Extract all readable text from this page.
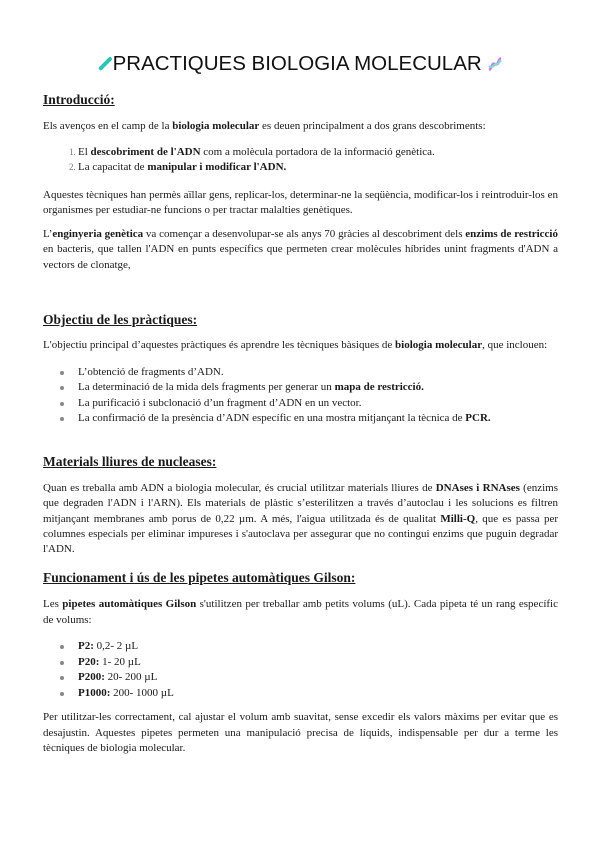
PRACTIQUES BIOLOGIA MOLECULAR
Introducció:

Els avenços en el camp de la biologia molecular es deuen principalment a dos grans descobriments:

1. El descobriment de l'ADN com a molècula portadora de la informació genètica.
2. La capacitat de manipular i modificar l'ADN.

Aquestes tècniques han permès aïllar gens, replicar-los, determinar-ne la seqüència, modificar-los i reintroduir-los en organismes per estudiar-ne funcions o per tractar malalties genètiques.

L’enginyeria genètica va començar a desenvolupar-se als anys 70 gràcies al descobriment dels enzims de restricció en bacteris, que tallen l'ADN en punts específics que permeten crear molècules híbrides unint fragments d'ADN a vectors de clonatge,

Objectiu de les pràctiques:

L'objectiu principal d’aquestes pràctiques és aprendre les tècniques bàsiques de biologia molecular, que inclouen:

L’obtenció de fragments d’ADN.
La determinació de la mida dels fragments per generar un mapa de restricció.
La purificació i subclonació d’un fragment d’ADN en un vector.
La confirmació de la presència d’ADN específic en una mostra mitjançant la tècnica de PCR.
Materials lliures de nucleases:

Quan es treballa amb ADN a biologia molecular, és crucial utilitzar materials lliures de DNAses i RNAses (enzims que degraden l'ADN i l'ARN). Els materials de plàstic s’esterilitzen a través d’autoclau i les solucions es filtren mitjançant membranes amb porus de 0,22 µm. A més, l'aigua utilitzada és de qualitat Milli-Q, que es passa per columnes especials per eliminar impureses i s'autoclava per assegurar que no contingui enzims que puguin degradar l'ADN.

Funcionament i ús de les pipetes automàtiques Gilson:

Les pipetes automàtiques Gilson s'utilitzen per treballar amb petits volums (uL). Cada pipeta té un rang específic de volums:

P2: 0,2- 2 µL
P20: 1- 20 µL
P200: 20- 200 µL
P1000: 200- 1000 µL

Per utilitzar-les correctament, cal ajustar el volum amb suavitat, sense excedir els valors màxims per evitar que es desajustin. Aquestes pipetes permeten una manipulació precisa de líquids, indispensable per dur a terme les tècniques de biologia molecular.
